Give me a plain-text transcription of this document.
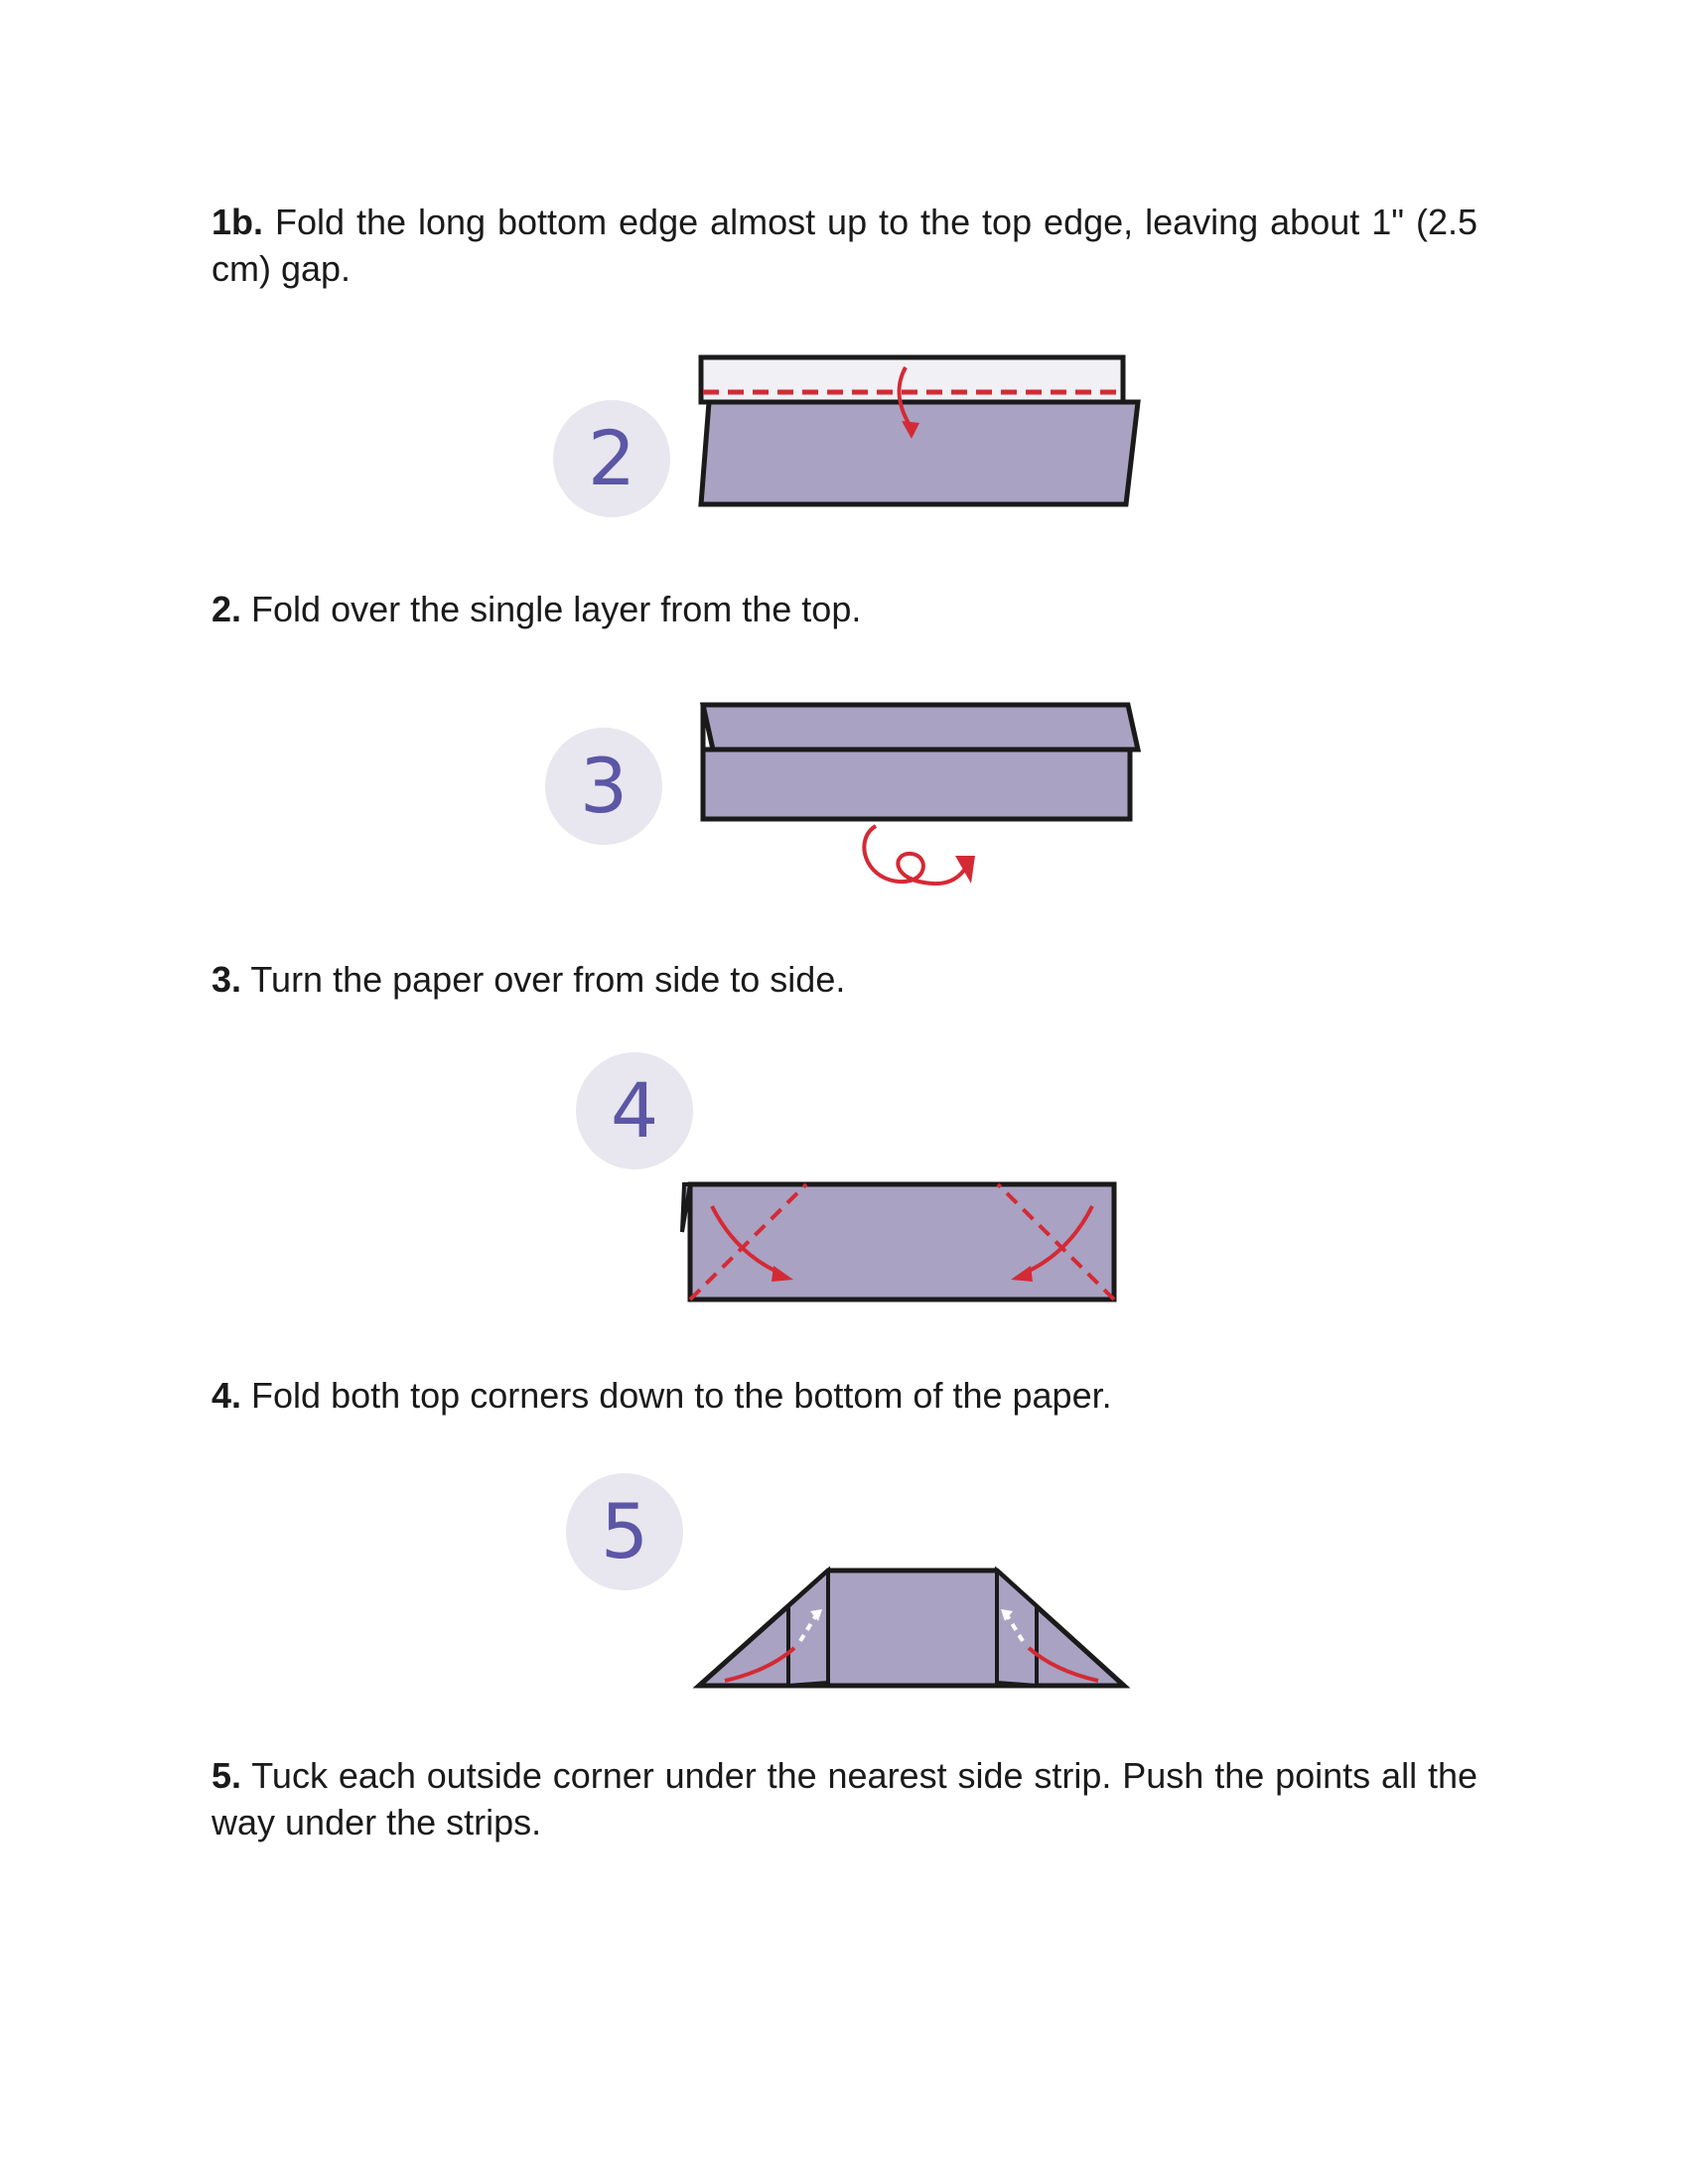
1b. Fold the long bottom edge almost up to the top edge, leaving about 1" (2.5 cm) gap.

2

2. Fold over the single layer from the top.

3

3. Turn the paper over from side to side.

4

4. Fold both top corners down to the bottom of the paper.

5

5. Tuck each outside corner under the nearest side strip. Push the points all the way under the strips.
